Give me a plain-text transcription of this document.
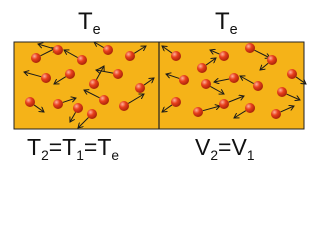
$T_e$	$T_e$
$T_2=T_1=T_e$	$V_2=V_1$
